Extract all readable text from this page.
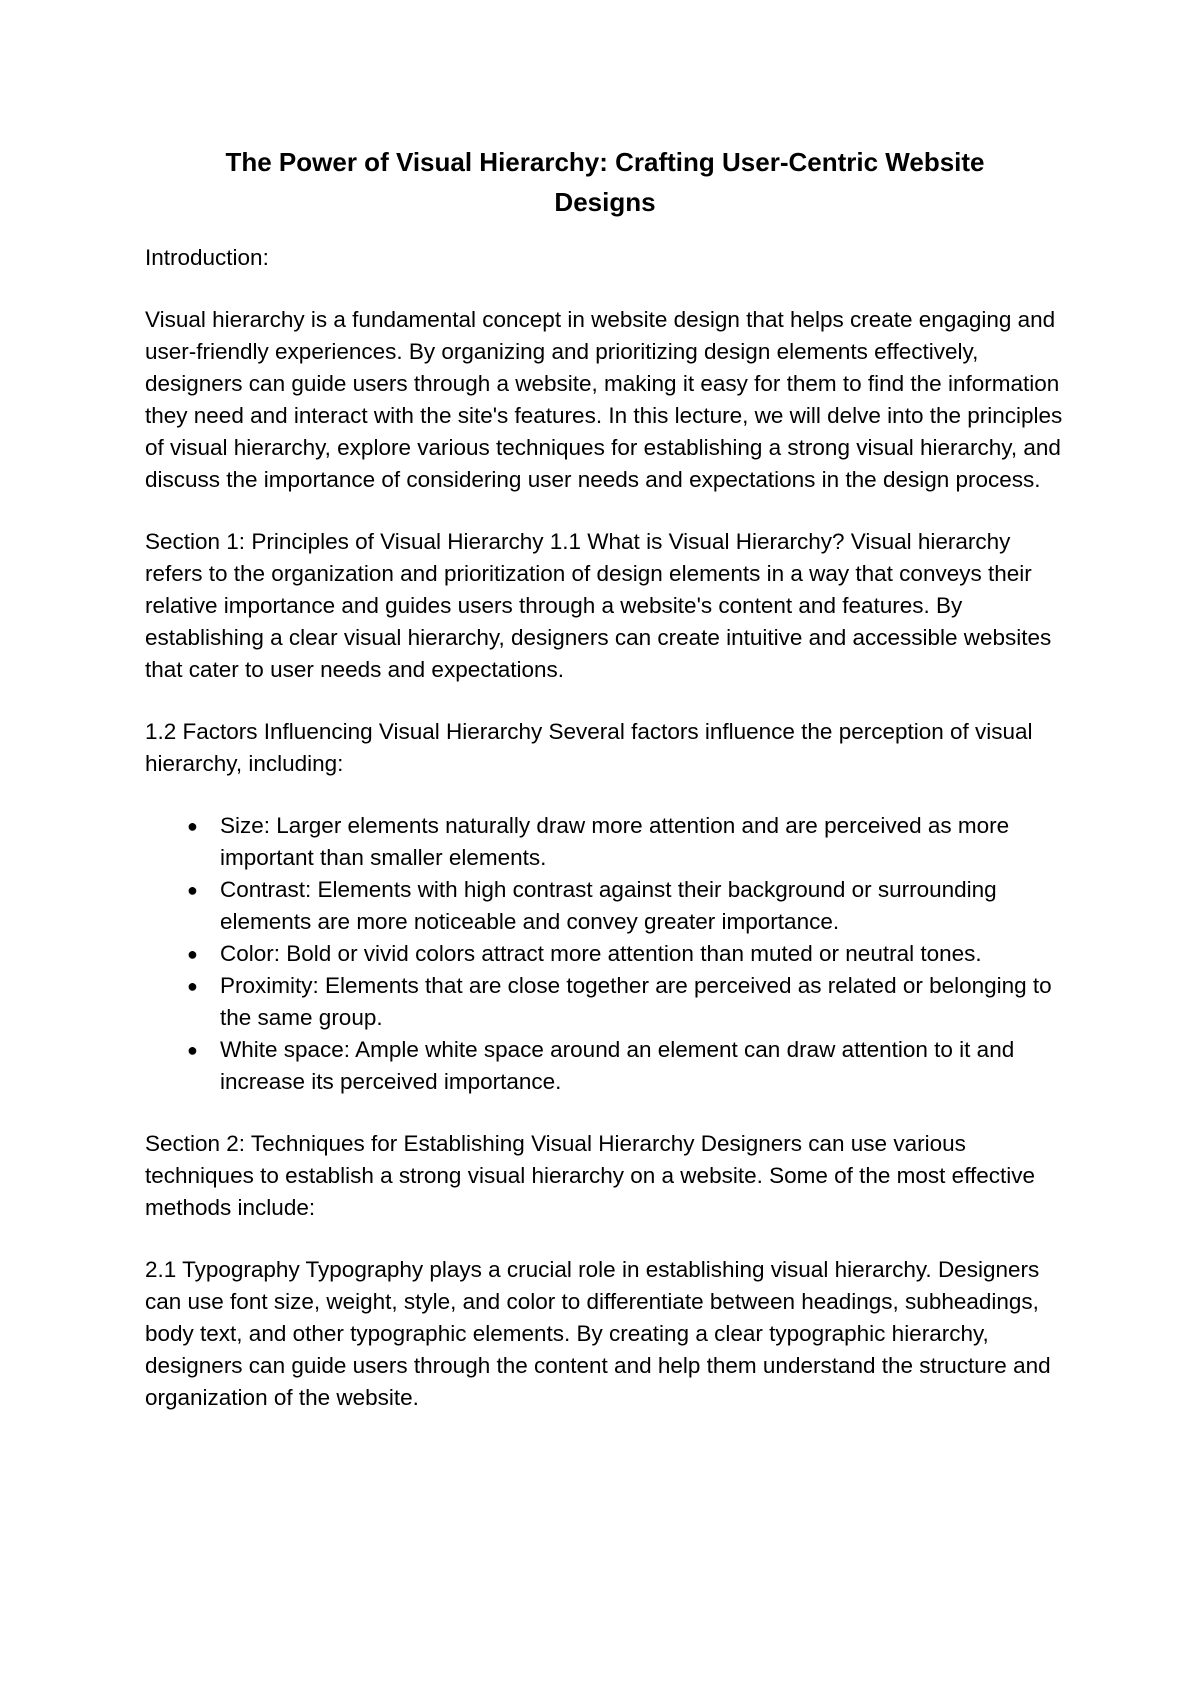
The Power of Visual Hierarchy: Crafting User-Centric Website Designs

Introduction:

Visual hierarchy is a fundamental concept in website design that helps create engaging and user-friendly experiences. By organizing and prioritizing design elements effectively, designers can guide users through a website, making it easy for them to find the information they need and interact with the site's features. In this lecture, we will delve into the principles of visual hierarchy, explore various techniques for establishing a strong visual hierarchy, and discuss the importance of considering user needs and expectations in the design process.

Section 1: Principles of Visual Hierarchy 1.1 What is Visual Hierarchy? Visual hierarchy refers to the organization and prioritization of design elements in a way that conveys their relative importance and guides users through a website's content and features. By establishing a clear visual hierarchy, designers can create intuitive and accessible websites that cater to user needs and expectations.

1.2 Factors Influencing Visual Hierarchy Several factors influence the perception of visual hierarchy, including:

● Size: Larger elements naturally draw more attention and are perceived as more important than smaller elements.
● Contrast: Elements with high contrast against their background or surrounding elements are more noticeable and convey greater importance.
● Color: Bold or vivid colors attract more attention than muted or neutral tones.
● Proximity: Elements that are close together are perceived as related or belonging to the same group.
● White space: Ample white space around an element can draw attention to it and increase its perceived importance.

Section 2: Techniques for Establishing Visual Hierarchy Designers can use various techniques to establish a strong visual hierarchy on a website. Some of the most effective methods include:

2.1 Typography Typography plays a crucial role in establishing visual hierarchy. Designers can use font size, weight, style, and color to differentiate between headings, subheadings, body text, and other typographic elements. By creating a clear typographic hierarchy, designers can guide users through the content and help them understand the structure and organization of the website.
